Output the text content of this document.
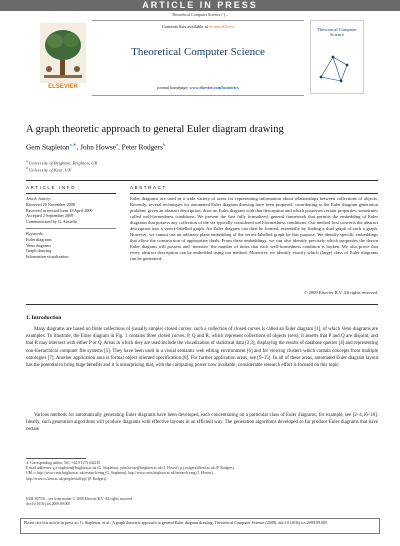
ARTICLE IN PRESS
Theoretical Computer Science ( ) –
ELSEVIER
Contents lists available at ScienceDirect
Theoretical Computer Science
journal homepage: www.elsevier.com/locate/tcs
Theoretical Computer Science
A graph theoretic approach to general Euler diagram drawing
Gem Stapleton$^{a,∗}$, John Howse$^a$, Peter Rodgers$^b$
$^a$ University of Brighton, Brighton, UK
$^b$ University of Kent, UK
ARTICLE INFO	ABSTRACT
Article history:
Received 20 November 2008
Received in revised form 18 April 2009
Accepted 2 September 2009
Communicated by G. Ausiello
Keywords:
Euler diagrams
Venn diagrams
Graph drawing
Information visualization
Euler diagrams are used in a wide variety of areas for representing information about relationships between collections of objects. Recently, several techniques for automated Euler diagram drawing have been proposed, contributing to the Euler diagram generation problem: given an abstract description, draw an Euler diagram with that description and which possesses certain properties, sometimes called well-formedness conditions. We present the first fully formalized, general framework that permits the embedding of Euler diagrams that possess any collection of the six typically considered well-formedness conditions. Our method first converts the abstract description into a vertex-labelled graph. An Euler diagram can then be formed, essentially by finding a dual graph of such a graph. However, we cannot use an arbitrary plane embedding of the vertex-labelled graph for this purpose. We identify specific embeddings that allow the construction of appropriate duals. From these embeddings, we can also identify precisely which properties the drawn Euler diagram will possess and ‘measure’ the number of times that each well-formedness condition is broken. We also prove that every abstract description can be embedded using our method. Moreover, we identify exactly which (large) class of Euler diagrams can be generated.
© 2009 Elsevier B.V. All rights reserved.
1. Introduction
Many diagrams are based on finite collections of (usually simple) closed curves: such a collection of closed curves is called an Euler diagram [1], of which Venn diagrams are examples. To illustrate, the Euler diagram in Fig. 1 contains three closed curves, P, Q and R, which represent collections of objects (sets); it asserts that P and Q are disjoint, and that R may intersect with either P or Q. Areas in which they are used include the visualization of statistical data [2,3], displaying the results of database queries [4] and representing non-hierarchical computer file systems [5]. They have been used in a visual semantic web editing environment [6] and for viewing clusters which contain concepts from multiple ontologies [7]. Another application area is formal object oriented specification [8]. For further application areas, see [9–15]. In all of these areas, automated Euler diagram layout has the potential to bring huge benefits and it is unsurprising that, with the computing power now available, considerable research effort is focused on this topic.
Various methods for automatically generating Euler diagrams have been developed, each concentrating on a particular class of Euler diagrams; for example, see [2–4,16–18]. Ideally, such generation algorithms will produce diagrams with effective layouts in an efficient way. The generation algorithms developed so far produce Euler diagrams that have certain
∗ Corresponding author. Tel.: +44 0 1273 642410.
E-mail addresses: g.e.stapleton@brighton.ac.uk (G. Stapleton), john.howse@brighton.ac.uk (J. Howse), p.j.rodgers@kent.ac.uk (P. Rodgers).
URLs: http://www.cmis.brighton.ac.uk/research/vmg (G. Stapleton), http://www.cmis.brighton.ac.uk/research/vmg (J. Howse),
http://www.cs.kent.ac.uk/people/staff/pjr/ (P. Rodgers).
0304-3975/$ – see front matter © 2009 Elsevier B.V. All rights reserved.
doi:10.1016/j.tcs.2009.09.005
Please cite this article in press as: G. Stapleton, et al., A graph theoretic approach to general Euler diagram drawing, Theoretical Computer Science (2009), doi:10.1016/j.tcs.2009.09.005
